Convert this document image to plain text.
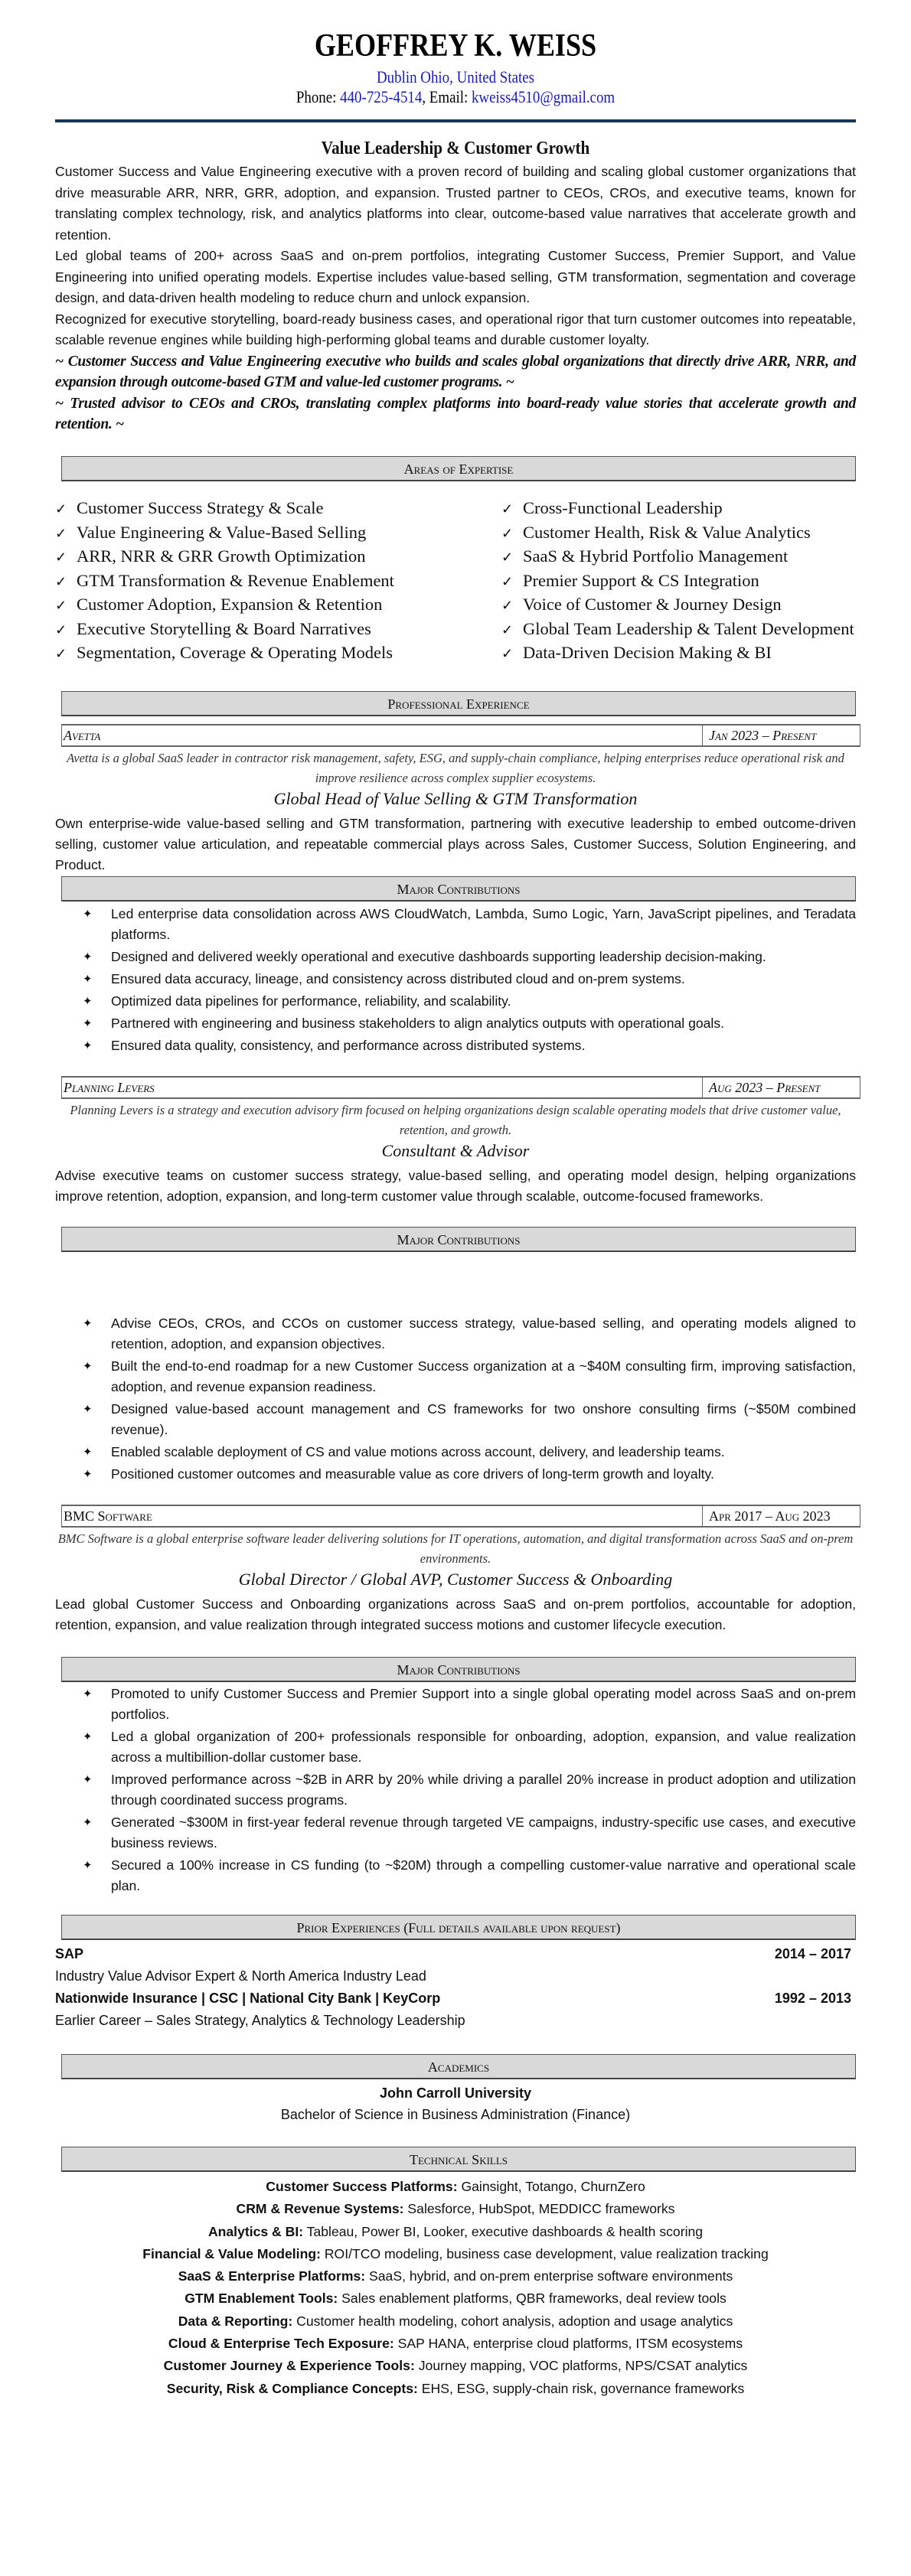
GEOFFREY K. WEISS
Dublin Ohio, United States
Phone: 440-725-4514, Email: kweiss4510@gmail.com
Value Leadership & Customer Growth

Customer Success and Value Engineering executive with a proven record of building and scaling global customer organizations that drive measurable ARR, NRR, GRR, adoption, and expansion. Trusted partner to CEOs, CROs, and executive teams, known for translating complex technology, risk, and analytics platforms into clear, outcome-based value narratives that accelerate growth and retention.

Led global teams of 200+ across SaaS and on-prem portfolios, integrating Customer Success, Premier Support, and Value Engineering into unified operating models. Expertise includes value-based selling, GTM transformation, segmentation and coverage design, and data-driven health modeling to reduce churn and unlock expansion.

Recognized for executive storytelling, board-ready business cases, and operational rigor that turn customer outcomes into repeatable, scalable revenue engines while building high-performing global teams and durable customer loyalty.

~ Customer Success and Value Engineering executive who builds and scales global organizations that directly drive ARR, NRR, and expansion through outcome-based GTM and value-led customer programs. ~

~ Trusted advisor to CEOs and CROs, translating complex platforms into board-ready value stories that accelerate growth and retention. ~

Areas of Expertise
✓ Customer Success Strategy & Scale
✓ Value Engineering & Value-Based Selling
✓ ARR, NRR & GRR Growth Optimization
✓ GTM Transformation & Revenue Enablement
✓ Customer Adoption, Expansion & Retention
✓ Executive Storytelling & Board Narratives
✓ Segmentation, Coverage & Operating Models
✓ Cross-Functional Leadership
✓ Customer Health, Risk & Value Analytics
✓ SaaS & Hybrid Portfolio Management
✓ Premier Support & CS Integration
✓ Voice of Customer & Journey Design
✓ Global Team Leadership & Talent Development
✓ Data-Driven Decision Making & BI
Professional Experience
Avetta	Jan 2023 – Present
Avetta is a global SaaS leader in contractor risk management, safety, ESG, and supply-chain compliance, helping enterprises reduce operational risk and improve resilience across complex supplier ecosystems.
Global Head of Value Selling & GTM Transformation
Own enterprise-wide value-based selling and GTM transformation, partnering with executive leadership to embed outcome-driven selling, customer value articulation, and repeatable commercial plays across Sales, Customer Success, Solution Engineering, and Product.
Major Contributions
✦ Led enterprise data consolidation across AWS CloudWatch, Lambda, Sumo Logic, Yarn, JavaScript pipelines, and Teradata platforms.
✦ Designed and delivered weekly operational and executive dashboards supporting leadership decision-making.
✦ Ensured data accuracy, lineage, and consistency across distributed cloud and on-prem systems.
✦ Optimized data pipelines for performance, reliability, and scalability.
✦ Partnered with engineering and business stakeholders to align analytics outputs with operational goals.
✦ Ensured data quality, consistency, and performance across distributed systems.
Planning Levers	Aug 2023 – Present
Planning Levers is a strategy and execution advisory firm focused on helping organizations design scalable operating models that drive customer value, retention, and growth.
Consultant & Advisor
Advise executive teams on customer success strategy, value-based selling, and operating model design, helping organizations improve retention, adoption, expansion, and long-term customer value through scalable, outcome-focused frameworks.
Major Contributions
✦ Advise CEOs, CROs, and CCOs on customer success strategy, value-based selling, and operating models aligned to retention, adoption, and expansion objectives.
✦ Built the end-to-end roadmap for a new Customer Success organization at a ~$40M consulting firm, improving satisfaction, adoption, and revenue expansion readiness.
✦ Designed value-based account management and CS frameworks for two onshore consulting firms (~$50M combined revenue).
✦ Enabled scalable deployment of CS and value motions across account, delivery, and leadership teams.
✦ Positioned customer outcomes and measurable value as core drivers of long-term growth and loyalty.
BMC Software	Apr 2017 – Aug 2023
BMC Software is a global enterprise software leader delivering solutions for IT operations, automation, and digital transformation across SaaS and on-prem environments.
Global Director / Global AVP, Customer Success & Onboarding
Lead global Customer Success and Onboarding organizations across SaaS and on-prem portfolios, accountable for adoption, retention, expansion, and value realization through integrated success motions and customer lifecycle execution.
Major Contributions
✦ Promoted to unify Customer Success and Premier Support into a single global operating model across SaaS and on-prem portfolios.
✦ Led a global organization of 200+ professionals responsible for onboarding, adoption, expansion, and value realization across a multibillion-dollar customer base.
✦ Improved performance across ~$2B in ARR by 20% while driving a parallel 20% increase in product adoption and utilization through coordinated success programs.
✦ Generated ~$300M in first-year federal revenue through targeted VE campaigns, industry-specific use cases, and executive business reviews.
✦ Secured a 100% increase in CS funding (to ~$20M) through a compelling customer-value narrative and operational scale plan.
Prior Experiences (Full details available upon request)
SAP	2014 – 2017
Industry Value Advisor Expert & North America Industry Lead
Nationwide Insurance | CSC | National City Bank | KeyCorp	1992 – 2013
Earlier Career – Sales Strategy, Analytics & Technology Leadership
Academics
John Carroll University
Bachelor of Science in Business Administration (Finance)
Technical Skills
Customer Success Platforms: Gainsight, Totango, ChurnZero
CRM & Revenue Systems: Salesforce, HubSpot, MEDDICC frameworks
Analytics & BI: Tableau, Power BI, Looker, executive dashboards & health scoring
Financial & Value Modeling: ROI/TCO modeling, business case development, value realization tracking
SaaS & Enterprise Platforms: SaaS, hybrid, and on-prem enterprise software environments
GTM Enablement Tools: Sales enablement platforms, QBR frameworks, deal review tools
Data & Reporting: Customer health modeling, cohort analysis, adoption and usage analytics
Cloud & Enterprise Tech Exposure: SAP HANA, enterprise cloud platforms, ITSM ecosystems
Customer Journey & Experience Tools: Journey mapping, VOC platforms, NPS/CSAT analytics
Security, Risk & Compliance Concepts: EHS, ESG, supply-chain risk, governance frameworks
